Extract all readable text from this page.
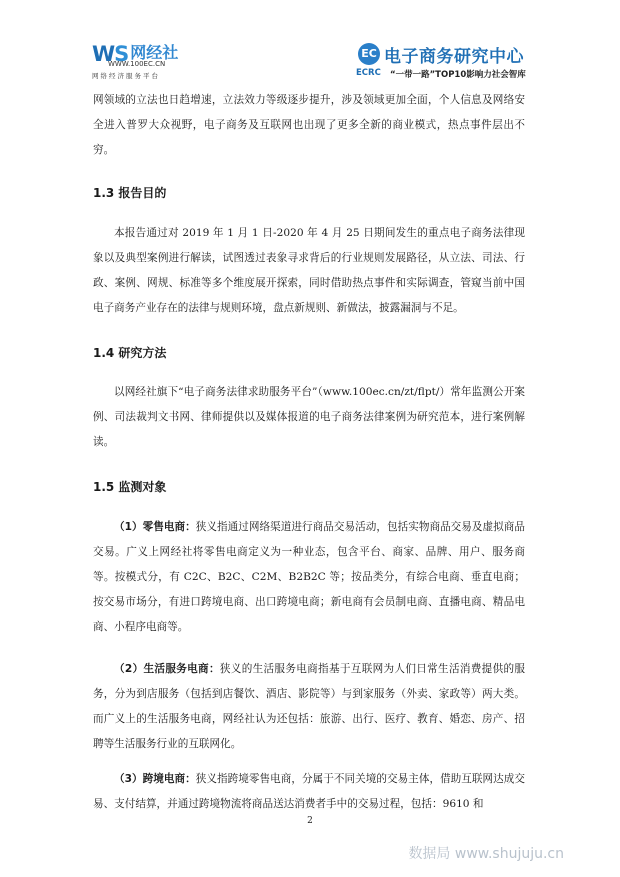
WS 网经社
WWW.100EC.CN
网络经济服务平台
EC 电子商务研究中心
ECRC “一带一路”TOP10影响力社会智库

网领域的立法也日趋增速，立法效力等级逐步提升，涉及领域更加全面，个人信息及网络安全进入普罗大众视野，电子商务及互联网也出现了更多全新的商业模式，热点事件层出不穷。

1.3 报告目的

本报告通过对 2019 年 1 月 1 日-2020 年 4 月 25 日期间发生的重点电子商务法律现象以及典型案例进行解读，试图透过表象寻求背后的行业规则发展路径，从立法、司法、行政、案例、网规、标准等多个维度展开探索，同时借助热点事件和实际调查，管窥当前中国电子商务产业存在的法律与规则环境，盘点新规则、新做法，披露漏洞与不足。

1.4 研究方法

以网经社旗下“电子商务法律求助服务平台”（www.100ec.cn/zt/flpt/）常年监测公开案例、司法裁判文书网、律师提供以及媒体报道的电子商务法律案例为研究范本，进行案例解读。

1.5 监测对象

（1）零售电商：狭义指通过网络渠道进行商品交易活动，包括实物商品交易及虚拟商品交易。广义上网经社将零售电商定义为一种业态，包含平台、商家、品牌、用户、服务商等。按模式分，有 C2C、B2C、C2M、B2B2C 等；按品类分，有综合电商、垂直电商；按交易市场分，有进口跨境电商、出口跨境电商；新电商有会员制电商、直播电商、精品电商、小程序电商等。

（2）生活服务电商：狭义的生活服务电商指基于互联网为人们日常生活消费提供的服务，分为到店服务（包括到店餐饮、酒店、影院等）与到家服务（外卖、家政等）两大类。而广义上的生活服务电商，网经社认为还包括：旅游、出行、医疗、教育、婚恋、房产、招聘等生活服务行业的互联网化。

（3）跨境电商：狭义指跨境零售电商，分属于不同关境的交易主体，借助互联网达成交易、支付结算，并通过跨境物流将商品送达消费者手中的交易过程，包括：9610 和

2
数据局 www.shujuju.cn
